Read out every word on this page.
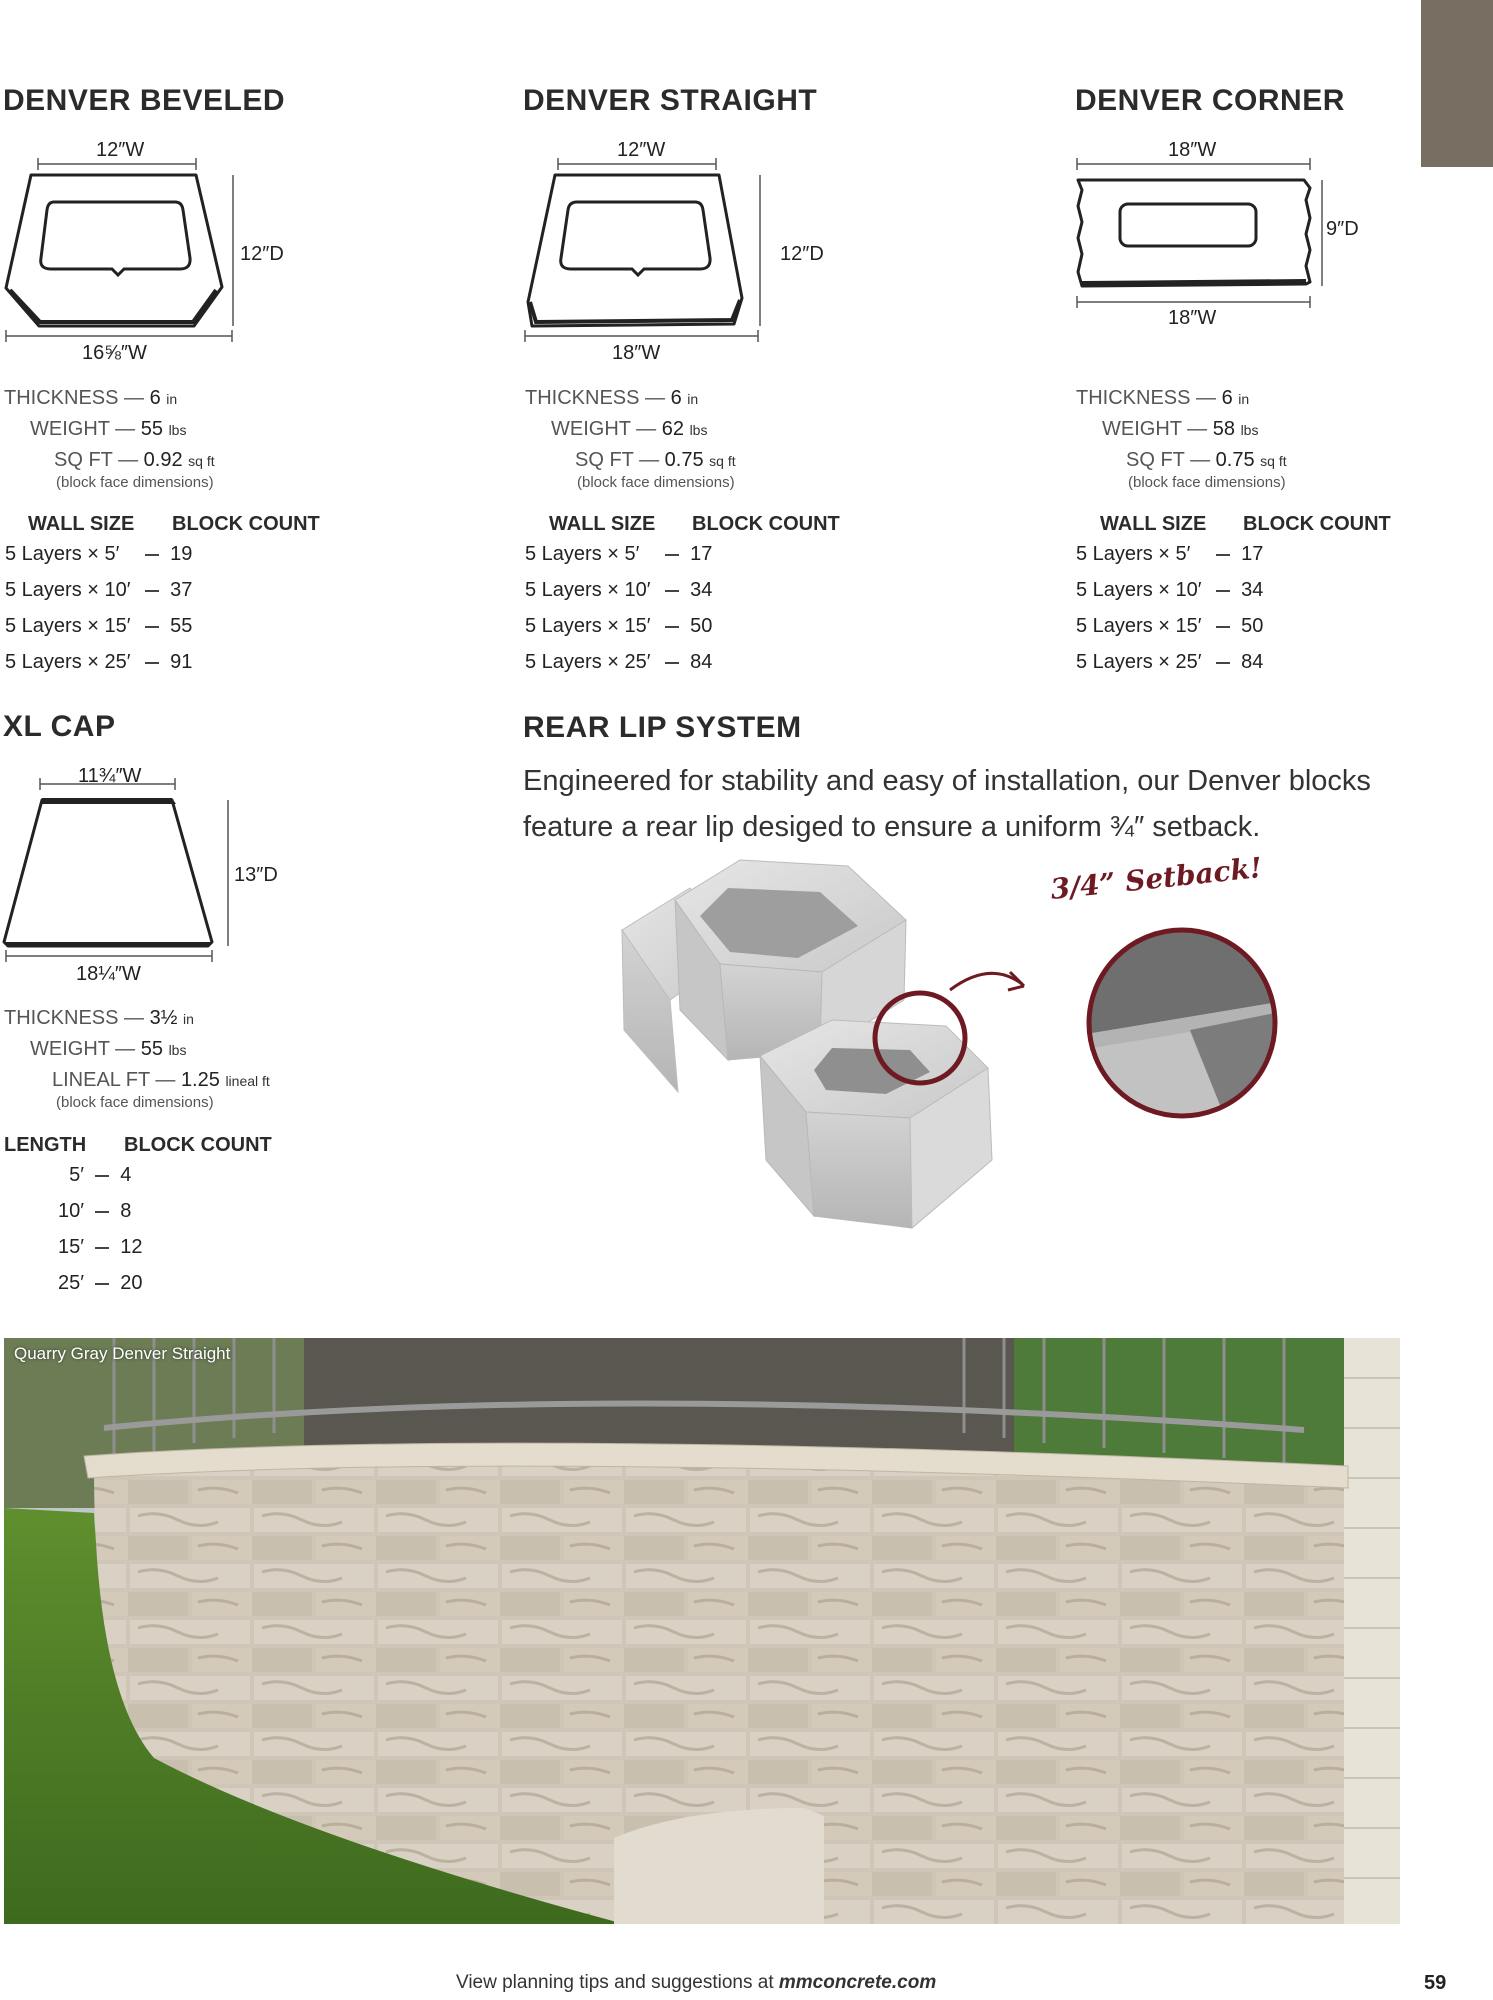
DENVER BEVELED
12″W
12″D
16⅝″W
THICKNESS — 6 in
WEIGHT — 55 lbs
SQ FT — 0.92 sq ft
(block face dimensions)
WALL SIZE BLOCK COUNT
5 Layers × 5′	19
5 Layers × 10′ 37
5 Layers × 15′ 55
5 Layers × 25′ 91
DENVER STRAIGHT
12″W
12″D
18″W
THICKNESS — 6 in
WEIGHT — 62 lbs
SQ FT — 0.75 sq ft
(block face dimensions)
WALL SIZE BLOCK COUNT
5 Layers × 5′	17
5 Layers × 10′ 34
5 Layers × 15′ 50
5 Layers × 25′ 84
DENVER CORNER
18″W
9″D
18″W
THICKNESS — 6 in
WEIGHT — 58 lbs
SQ FT — 0.75 sq ft
(block face dimensions)
WALL SIZE BLOCK COUNT
5 Layers × 5′	17
5 Layers × 10′ 34
5 Layers × 15′ 50
5 Layers × 25′ 84
XL CAP
11¾″W
13″D
18¼″W
THICKNESS — 3½ in
WEIGHT — 55 lbs
LINEAL FT — 1.25 lineal ft
(block face dimensions)
LENGTH BLOCK COUNT
5′ 4
10′ 8
15′ 12
25′ 20
REAR LIP SYSTEM
Engineered for stability and easy of installation, our Denver blocks feature a rear lip desiged to ensure a uniform ¾″ setback.
3/4” Setback!
Quarry Gray Denver Straight
View planning tips and suggestions at mmconcrete.com	59
